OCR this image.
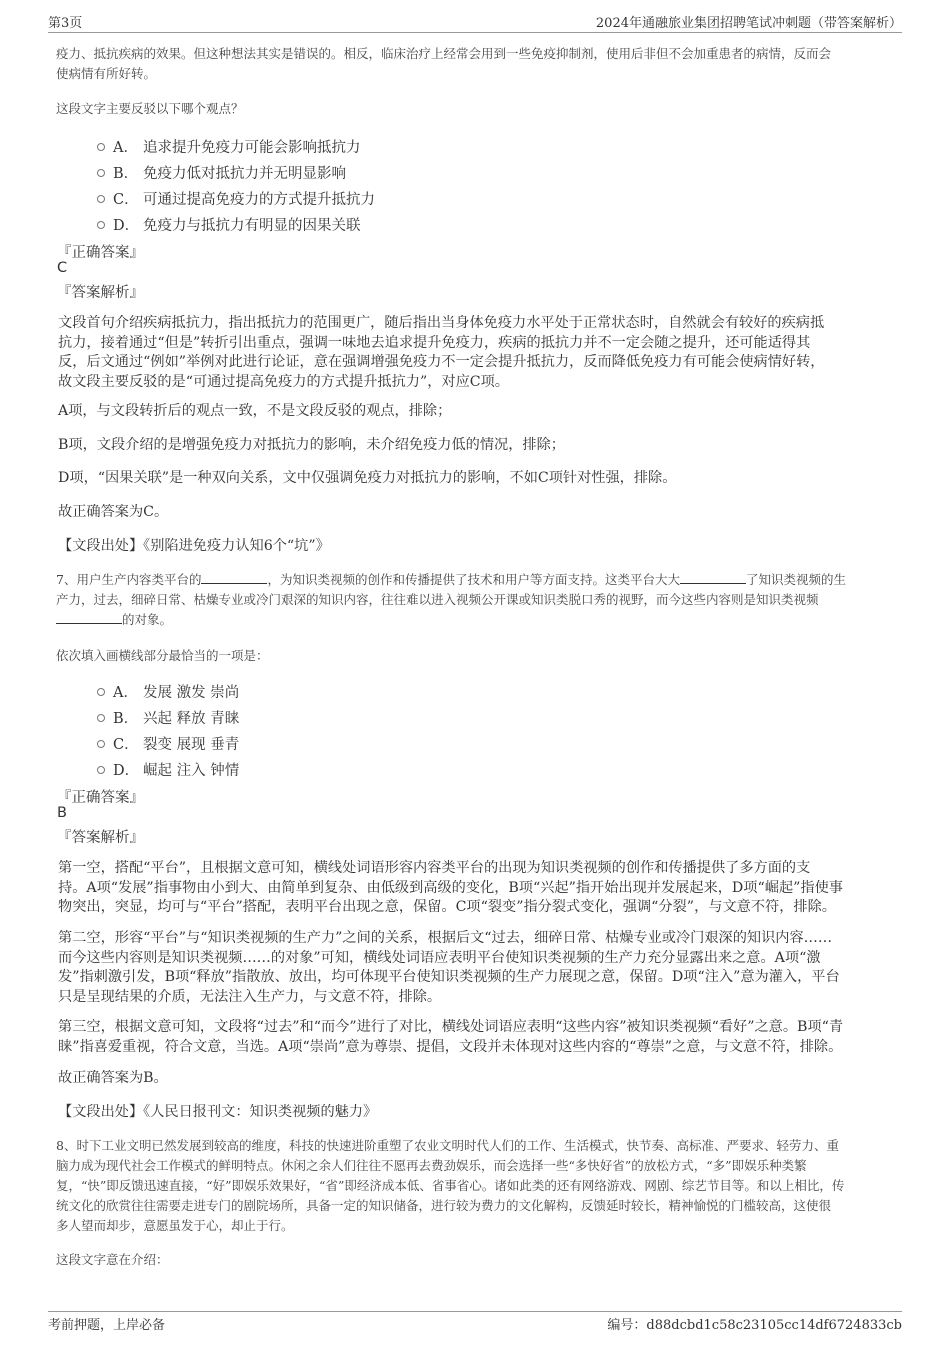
第3页	2024年通融旅业集团招聘笔试冲刺题（带答案解析）
疫力、抵抗疾病的效果。但这种想法其实是错误的。相反，临床治疗上经常会用到一些免疫抑制剂，使用后非但不会加重患者的病情，反而会
使病情有所好转。
这段文字主要反驳以下哪个观点？
A． 追求提升免疫力可能会影响抵抗力
B． 免疫力低对抵抗力并无明显影响
C． 可通过提高免疫力的方式提升抵抗力
D． 免疫力与抵抗力有明显的因果关联
『正确答案』
C
『答案解析』
文段首句介绍疾病抵抗力，指出抵抗力的范围更广，随后指出当身体免疫力水平处于正常状态时，自然就会有较好的疾病抵
抗力，接着通过“但是”转折引出重点，强调一味地去追求提升免疫力，疾病的抵抗力并不一定会随之提升，还可能适得其
反，后文通过“例如”举例对此进行论证，意在强调增强免疫力不一定会提升抵抗力，反而降低免疫力有可能会使病情好转，
故文段主要反驳的是“可通过提高免疫力的方式提升抵抗力”，对应C项。
A项，与文段转折后的观点一致，不是文段反驳的观点，排除；
B项，文段介绍的是增强免疫力对抵抗力的影响，未介绍免疫力低的情况，排除；
D项，“因果关联”是一种双向关系，文中仅强调免疫力对抵抗力的影响，不如C项针对性强，排除。
故正确答案为C。
【文段出处】《别陷进免疫力认知6个“坑”》
7、用户生产内容类平台的	，为知识类视频的创作和传播提供了技术和用户等方面支持。这类平台大大	了知识类视频的生
产力，过去，细碎日常、枯燥专业或冷门艰深的知识内容，往往难以进入视频公开课或知识类脱口秀的视野，而今这些内容则是知识类视频
的对象。
依次填入画横线部分最恰当的一项是：
A． 发展 激发 崇尚
B． 兴起 释放 青睐
C． 裂变 展现 垂青
D． 崛起 注入 钟情
『正确答案』
B
『答案解析』
第一空，搭配“平台”，且根据文意可知，横线处词语形容内容类平台的出现为知识类视频的创作和传播提供了多方面的支
持。A项“发展”指事物由小到大、由简单到复杂、由低级到高级的变化，B项“兴起”指开始出现并发展起来，D项“崛起”指使事
物突出，突显，均可与“平台”搭配，表明平台出现之意，保留。C项“裂变”指分裂式变化，强调“分裂”，与文意不符，排除。
第二空，形容“平台”与“知识类视频的生产力”之间的关系，根据后文“过去，细碎日常、枯燥专业或冷门艰深的知识内容……
而今这些内容则是知识类视频……的对象”可知，横线处词语应表明平台使知识类视频的生产力充分显露出来之意。A项“激
发”指刺激引发，B项“释放”指散放、放出，均可体现平台使知识类视频的生产力展现之意，保留。D项“注入”意为灌入，平台
只是呈现结果的介质，无法注入生产力，与文意不符，排除。
第三空，根据文意可知，文段将“过去”和“而今”进行了对比，横线处词语应表明“这些内容”被知识类视频“看好”之意。B项“青
睐”指喜爱重视，符合文意，当选。A项“崇尚”意为尊崇、提倡，文段并未体现对这些内容的“尊崇”之意，与文意不符，排除。
故正确答案为B。
【文段出处】《人民日报刊文：知识类视频的魅力》
8、时下工业文明已然发展到较高的维度，科技的快速进阶重塑了农业文明时代人们的工作、生活模式，快节奏、高标准、严要求、轻劳力、重
脑力成为现代社会工作模式的鲜明特点。休闲之余人们往往不愿再去费劲娱乐，而会选择一些“多快好省”的放松方式，“多”即娱乐种类繁
复，“快”即反馈迅速直接，“好”即娱乐效果好，“省”即经济成本低、省事省心。诸如此类的还有网络游戏、网剧、综艺节目等。和以上相比，传
统文化的欣赏往往需要走进专门的剧院场所，具备一定的知识储备，进行较为费力的文化解构，反馈延时较长，精神愉悦的门槛较高，这使很
多人望而却步，意愿虽发于心，却止于行。
这段文字意在介绍：
考前押题，上岸必备	编号：d88dcbd1c58c23105cc14df6724833cb
